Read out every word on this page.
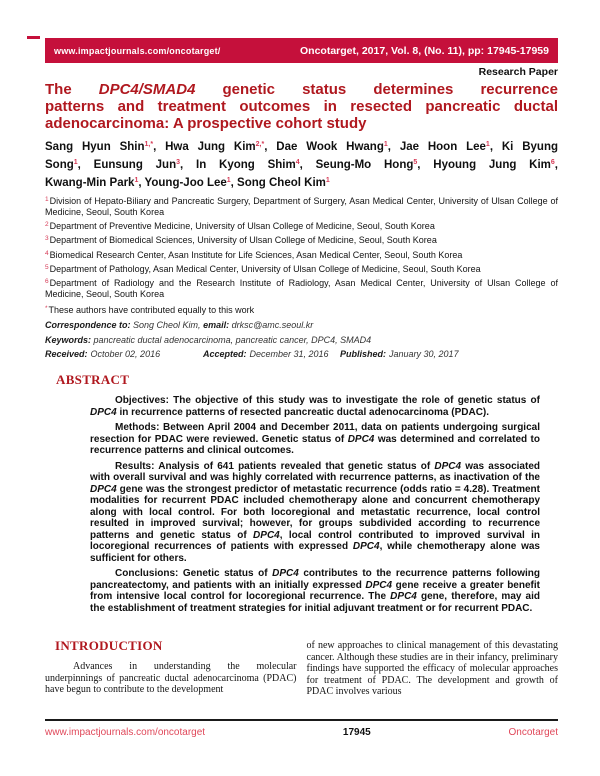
www.impactjournals.com/oncotarget/	Oncotarget, 2017, Vol. 8, (No. 11), pp: 17945-17959
Research Paper
The DPC4/SMAD4 genetic status determines recurrence
patterns and treatment outcomes in resected pancreatic ductal
adenocarcinoma: A prospective cohort study
Sang Hyun Shin$^{1,*}$, Hwa Jung Kim$^{2,*}$, Dae Wook Hwang$^1$, Jae Hoon Lee$^1$, Ki Byung
Song$^1$, Eunsung Jun$^3$, In Kyong Shim$^4$, Seung-Mo Hong$^5$, Hyoung Jung Kim$^6$,
Kwang-Min Park$^1$, Young-Joo Lee$^1$, Song Cheol Kim$^1$
$^1$Division of Hepato-Biliary and Pancreatic Surgery, Department of Surgery, Asan Medical Center, University of Ulsan College of Medicine, Seoul, South Korea
$^2$Department of Preventive Medicine, University of Ulsan College of Medicine, Seoul, South Korea
$^3$Department of Biomedical Sciences, University of Ulsan College of Medicine, Seoul, South Korea
$^4$Biomedical Research Center, Asan Institute for Life Sciences, Asan Medical Center, Seoul, South Korea
$^5$Department of Pathology, Asan Medical Center, University of Ulsan College of Medicine, Seoul, South Korea
$^6$Department of Radiology and the Research Institute of Radiology, Asan Medical Center, University of Ulsan College of Medicine, Seoul, South Korea
*These authors have contributed equally to this work
Correspondence to: Song Cheol Kim, email: drksc@amc.seoul.kr
Keywords: pancreatic ductal adenocarcinoma, pancreatic cancer, DPC4, SMAD4
Received: October 02, 2016	Accepted: December 31, 2016	Published: January 30, 2017
ABSTRACT

Objectives: The objective of this study was to investigate the role of genetic status of DPC4 in recurrence patterns of resected pancreatic ductal adenocarcinoma (PDAC).

Methods: Between April 2004 and December 2011, data on patients undergoing surgical resection for PDAC were reviewed. Genetic status of DPC4 was determined and correlated to recurrence patterns and clinical outcomes.

Results: Analysis of 641 patients revealed that genetic status of DPC4 was associated with overall survival and was highly correlated with recurrence patterns, as inactivation of the DPC4 gene was the strongest predictor of metastatic recurrence (odds ratio = 4.28). Treatment modalities for recurrent PDAC included chemotherapy alone and concurrent chemotherapy along with local control. For both locoregional and metastatic recurrence, local control resulted in improved survival; however, for groups subdivided according to recurrence patterns and genetic status of DPC4, local control contributed to improved survival in locoregional recurrences of patients with expressed DPC4, while chemotherapy alone was sufficient for others.

Conclusions: Genetic status of DPC4 contributes to the recurrence patterns following pancreatectomy, and patients with an initially expressed DPC4 gene receive a greater benefit from intensive local control for locoregional recurrence. The DPC4 gene, therefore, may aid the establishment of treatment strategies for initial adjuvant treatment or for recurrent PDAC.

INTRODUCTION

Advances in understanding the molecular underpinnings of pancreatic ductal adenocarcinoma (PDAC) have begun to contribute to the development

of new approaches to clinical management of this devastating cancer. Although these studies are in their infancy, preliminary findings have supported the efficacy of molecular approaches for treatment of PDAC. The development and growth of PDAC involves various

www.impactjournals.com/oncotarget	17945	Oncotarget
